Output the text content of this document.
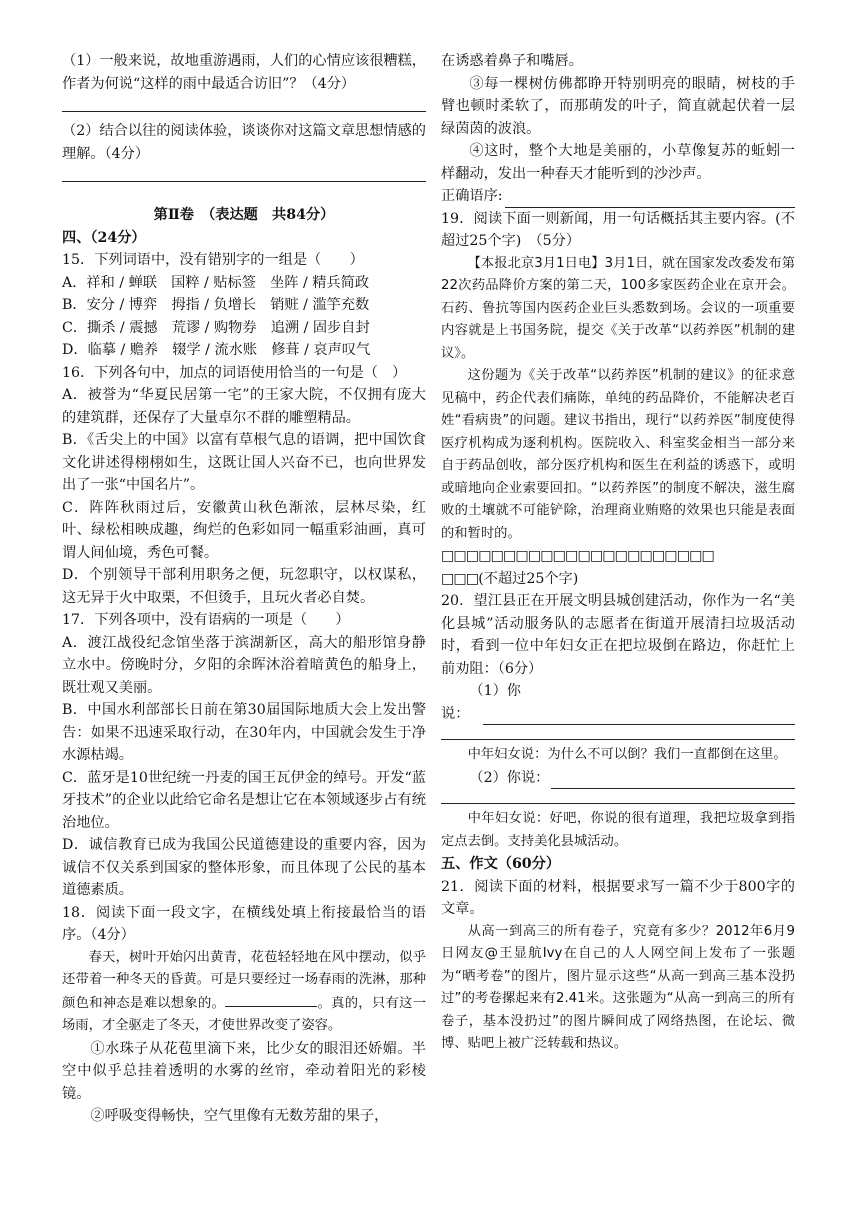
（1）一般来说，故地重游遇雨，人们的心情应该很糟糕，作者为何说“这样的雨中最适合访旧”？（4分）

（2）结合以往的阅读体验，谈谈你对这篇文章思想情感的理解。（4分）

第Ⅱ卷　（表达题　共84分）

四、（24分）

15．下列词语中，没有错别字的一组是（　　）

A．祥和 / 蝉联　国粹 / 贴标签　坐阵 / 精兵简政

B．安分 / 博弈　拇指 / 负增长　销赃 / 滥竽充数

C．撕杀 / 震撼　荒谬 / 购物券　追溯 / 固步自封

D．临摹 / 赡养　辍学 / 流水账　修葺 / 哀声叹气

16．下列各句中，加点的词语使用恰当的一句是（　）

A．被誉为“华夏民居第一宅”的王家大院，不仅拥有庞大的建筑群，还保存了大量卓尔不群的雕塑精品。

B．《舌尖上的中国》以富有草根气息的语调，把中国饮食文化讲述得栩栩如生，这既让国人兴奋不已，也向世界发出了一张“中国名片”。

C．阵阵秋雨过后，安徽黄山秋色渐浓，层林尽染，红叶、绿松相映成趣，绚烂的色彩如同一幅重彩油画，真可谓人间仙境，秀色可餐。

D．个别领导干部利用职务之便，玩忽职守，以权谋私，这无异于火中取栗，不但烫手，且玩火者必自焚。

17．下列各项中，没有语病的一项是（　　）

A．渡江战役纪念馆坐落于滨湖新区，高大的船形馆身静立水中。傍晚时分，夕阳的余晖沐浴着暗黄色的船身上，既壮观又美丽。

B．中国水利部部长日前在第30届国际地质大会上发出警告：如果不迅速采取行动，在30年内，中国就会发生于净水源枯竭。

C．蓝牙是10世纪统一丹麦的国王瓦伊金的绰号。开发“蓝牙技术”的企业以此给它命名是想让它在本领域逐步占有统治地位。

D．诚信教育已成为我国公民道德建设的重要内容，因为诚信不仅关系到国家的整体形象，而且体现了公民的基本道德素质。

18．阅读下面一段文字，在横线处填上衔接最恰当的语序。（4分）

春天，树叶开始闪出黄青，花苞轻轻地在风中摆动，似乎还带着一种冬天的昏黄。可是只要经过一场春雨的洗淋，那种颜色和神态是难以想象的。	。真的，只有这一场雨，才全驱走了冬天，才使世界改变了姿容。

①水珠子从花苞里滴下来，比少女的眼泪还娇媚。半空中似乎总挂着透明的水雾的丝帘，牵动着阳光的彩棱镜。

②呼吸变得畅快，空气里像有无数芳甜的果子，

在诱惑着鼻子和嘴唇。

③每一棵树仿佛都睁开特别明亮的眼睛，树枝的手臂也顿时柔软了，而那萌发的叶子，简直就起伏着一层绿茵茵的波浪。

④这时，整个大地是美丽的，小草像复苏的蚯蚓一样翻动，发出一种春天才能听到的沙沙声。

正确语序:

19．阅读下面一则新闻，用一句话概括其主要内容。(不超过25个字)　（5分）

【本报北京3月1日电】3月1日，就在国家发改委发布第22次药品降价方案的第二天，100多家医药企业在京开会。石药、鲁抗等国内医药企业巨头悉数到场。会议的一项重要内容就是上书国务院，提交《关于改革“以药养医”机制的建议》。

这份题为《关于改革“以药养医”机制的建议》的征求意见稿中，药企代表们痛陈，单纯的药品降价，不能解决老百姓“看病贵”的问题。建议书指出，现行“以药养医”制度使得医疗机构成为逐利机构。医院收入、科室奖金相当一部分来自于药品创收，部分医疗机构和医生在利益的诱惑下，或明或暗地向企业索要回扣。“以药养医”的制度不解决，滋生腐败的土壤就不可能铲除，治理商业贿赂的效果也只能是表面的和暂时的。

□□□□□□□□□□□□□□□□□□□□□□

□□□(不超过25个字)

20．望江县正在开展文明县城创建活动，你作为一名“美化县城”活动服务队的志愿者在街道开展清扫垃圾活动时，看到一位中年妇女正在把垃圾倒在路边，你赶忙上前劝阻：（6分）

（1）你

说：

中年妇女说：为什么不可以倒？我们一直都倒在这里。

（2）你说：

中年妇女说：好吧，你说的很有道理，我把垃圾拿到指定点去倒。支持美化县城活动。

五、作文（60分）

21．阅读下面的材料，根据要求写一篇不少于800字的文章。

从高一到高三的所有卷子，究竟有多少？2012年6月9日网友@王显航Ivy在自己的人人网空间上发布了一张题为“晒考卷”的图片，图片显示这些“从高一到高三基本没扔过”的考卷摞起来有2.41米。这张题为“从高一到高三的所有卷子，基本没扔过”的图片瞬间成了网络热图，在论坛、微博、贴吧上被广泛转载和热议。
